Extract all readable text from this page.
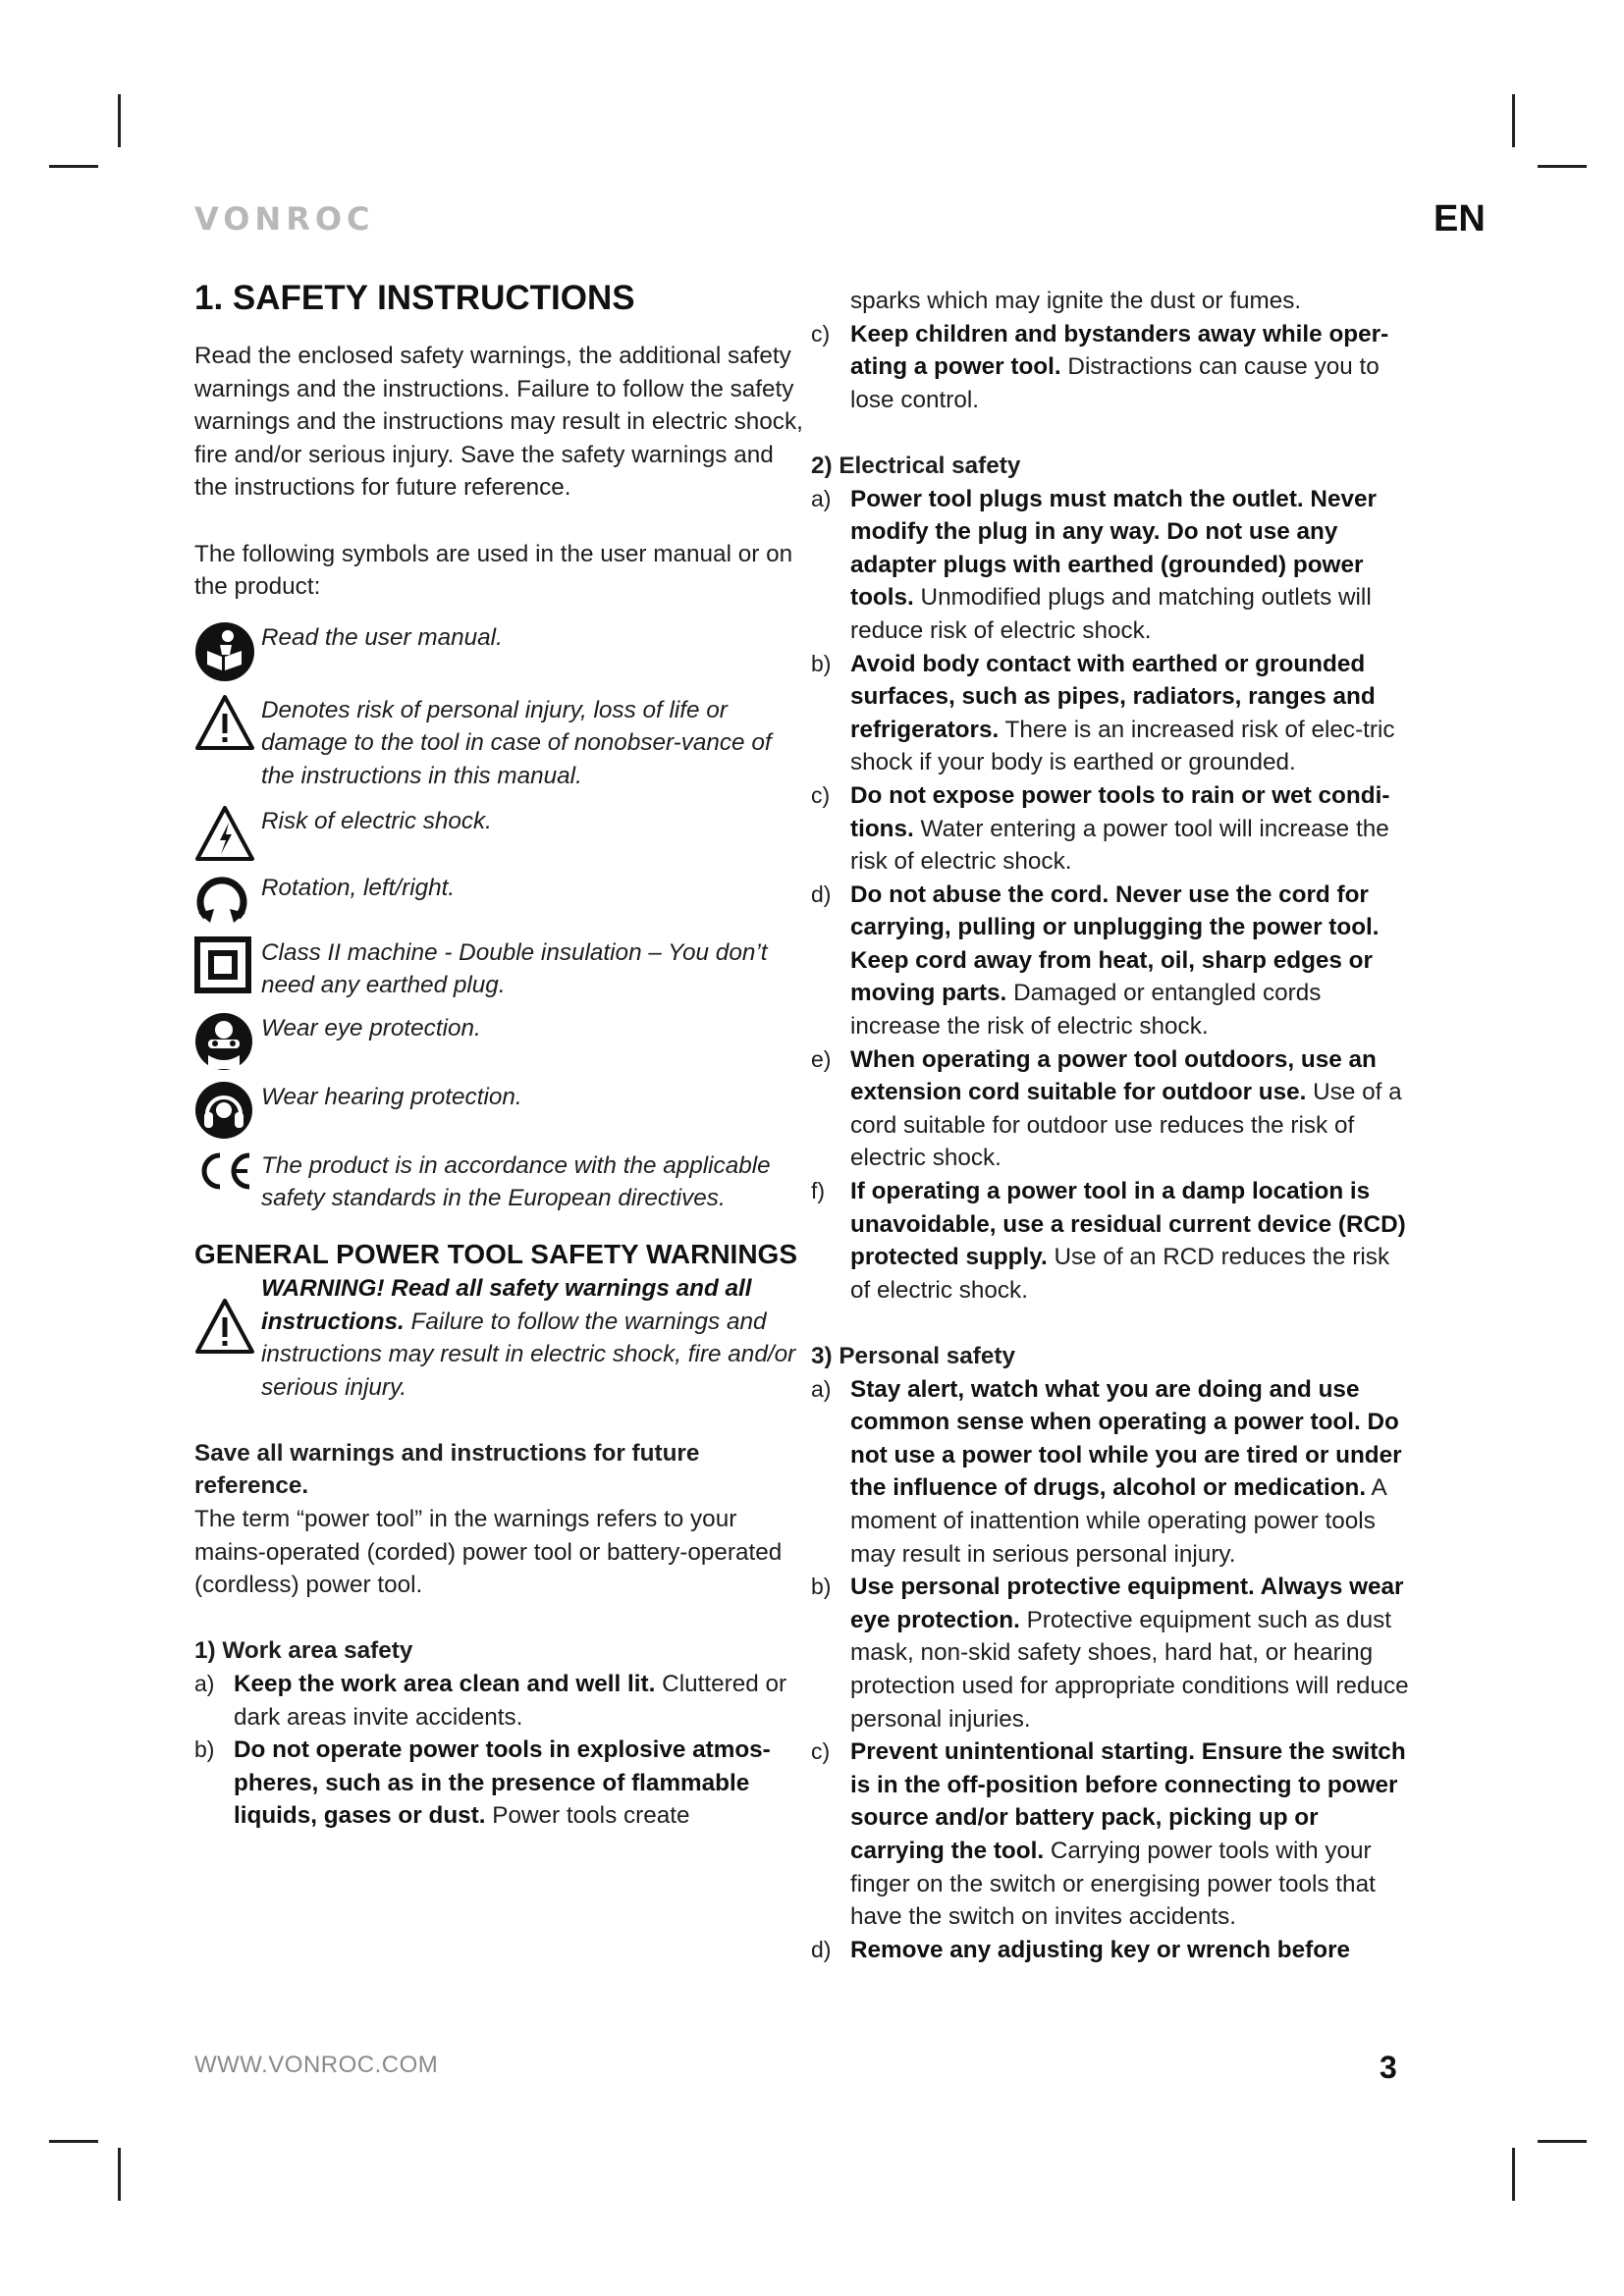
VONROC	EN
1. SAFETY INSTRUCTIONS

Read the enclosed safety warnings, the additional safety warnings and the instructions. Failure to follow the safety warnings and the instructions may result in electric shock, fire and/or serious injury. Save the safety warnings and the instructions for future reference.

The following symbols are used in the user manual or on the product:

Read the user manual.
Denotes risk of personal injury, loss of life or damage to the tool in case of nonobser-vance of the instructions in this manual.
Risk of electric shock.
Rotation, left/right.
Class II machine - Double insulation – You don’t need any earthed plug.
Wear eye protection.
Wear hearing protection.
The product is in accordance with the applicable safety standards in the European directives.
GENERAL POWER TOOL SAFETY WARNINGS
WARNING! Read all safety warnings and all instructions. Failure to follow the warnings and instructions may result in electric shock, fire and/or serious injury.

Save all warnings and instructions for future reference.

The term “power tool” in the warnings refers to your mains-operated (corded) power tool or battery-operated (cordless) power tool.

1) Work area safety

a) Keep the work area clean and well lit. Cluttered or dark areas invite accidents.
b) Do not operate power tools in explosive atmos-pheres, such as in the presence of flammable liquids, gases or dust. Power tools create

sparks which may ignite the dust or fumes.

c) Keep children and bystanders away while oper-ating a power tool. Distractions can cause you to lose control.

2) Electrical safety

a) Power tool plugs must match the outlet. Never modify the plug in any way. Do not use any adapter plugs with earthed (grounded) power tools. Unmodified plugs and matching outlets will reduce risk of electric shock.
b) Avoid body contact with earthed or grounded surfaces, such as pipes, radiators, ranges and refrigerators. There is an increased risk of elec-tric shock if your body is earthed or grounded.
c) Do not expose power tools to rain or wet condi-tions. Water entering a power tool will increase the risk of electric shock.
d) Do not abuse the cord. Never use the cord for carrying, pulling or unplugging the power tool. Keep cord away from heat, oil, sharp edges or moving parts. Damaged or entangled cords increase the risk of electric shock.
e) When operating a power tool outdoors, use an extension cord suitable for outdoor use. Use of a cord suitable for outdoor use reduces the risk of electric shock.
f)	If operating a power tool in a damp location is unavoidable, use a residual current device (RCD) protected supply. Use of an RCD reduces the risk of electric shock.

3) Personal safety

a) Stay alert, watch what you are doing and use common sense when operating a power tool. Do not use a power tool while you are tired or under the influence of drugs, alcohol or medication. A moment of inattention while operating power tools may result in serious personal injury.
b) Use personal protective equipment. Always wear eye protection. Protective equipment such as dust mask, non-skid safety shoes, hard hat, or hearing protection used for appropriate conditions will reduce personal injuries.
c) Prevent unintentional starting. Ensure the switch is in the off-position before connecting to power source and/or battery pack, picking up or carrying the tool. Carrying power tools with your finger on the switch or energising power tools that have the switch on invites accidents.
d) Remove any adjusting key or wrench before
WWW.VONROC.COM	3
